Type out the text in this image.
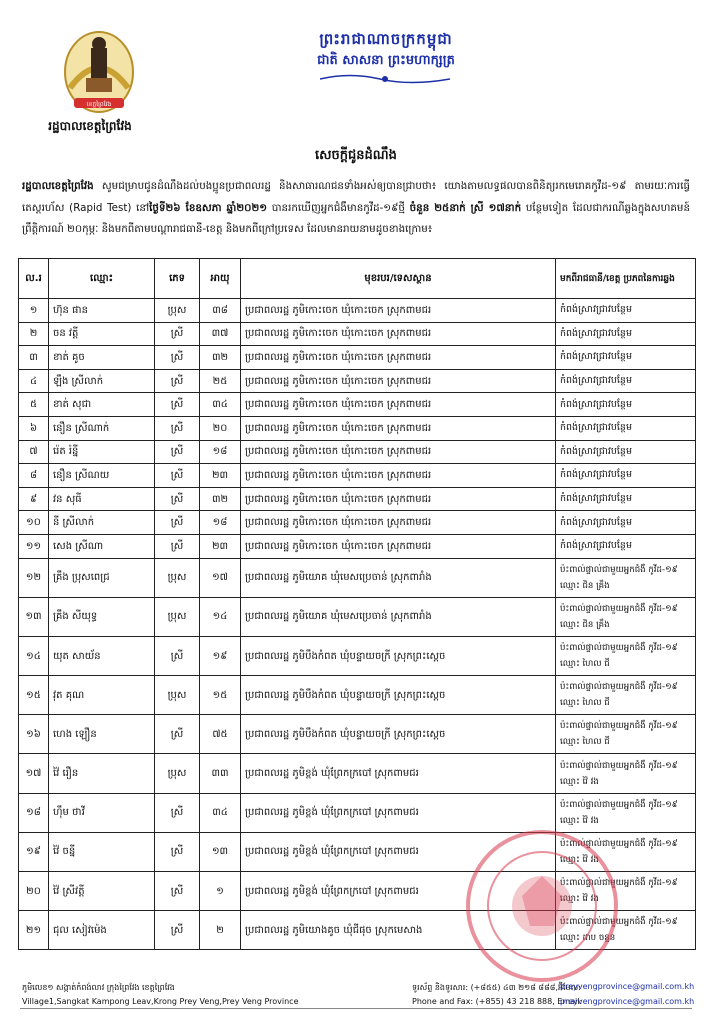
ខេត្តព្រៃវែង
រដ្ឋបាលខេត្តព្រៃវែង
ព្រះរាជាណាចក្រកម្ពុជា
ជាតិ សាសនា ព្រះមហាក្សត្រ
សេចក្ដីជូនដំណឹង
រដ្ឋបាលខេត្តព្រៃវែង សូមជម្រាបជូនដំណឹងដល់បងប្អូនប្រជាពលរដ្ឋ និងសាធារណជនទាំងអស់ឲ្យបានជ្រាបថា៖ យោងតាមលទ្ធផលបានពិនិត្យរកមេរោគកូវីដ-១៩ តាមរយៈការធ្វើតេស្តរហ័ស (Rapid Test) នៅថ្ងៃទី២៦ ខែឧសភា ឆ្នាំ២០២១ បានរកឃើញអ្នកជំងឺមានកូវីដ-១៩ថ្មី ចំនួន ២៥នាក់ ស្រី ១៧នាក់ បន្ថែមទៀត ដែលជាករណីឆ្លងក្នុងសហគមន៍ ព្រឹត្តិការណ៍ ២០កុម្ភៈ និងមកពីតាមបណ្ដារាជធានី-ខេត្ត និងមកពីក្រៅប្រទេស ដែលមានរាយនាមដូចខាងក្រោម៖
ល.រ	ឈ្មោះ	ភេទ	អាយុ	មុខរបរ/ទេសស្ថាន	មកពីរាជធានី/ខេត្ត ប្រភពនៃការឆ្លង
១	ហ៊ុន ផាន	ប្រុស	៣៨	ប្រជាពលរដ្ឋ ភូមិកោះចេក ឃុំកោះចេក ស្រុកពាមជរ	កំពង់ស្រាវជ្រាវបន្ថែម
២	ចន វត្តី	ស្រី	៣៧	ប្រជាពលរដ្ឋ ភូមិកោះចេក ឃុំកោះចេក ស្រុកពាមជរ	កំពង់ស្រាវជ្រាវបន្ថែម
៣	ខាត់ គូច	ស្រី	៣២	ប្រជាពលរដ្ឋ ភូមិកោះចេក ឃុំកោះចេក ស្រុកពាមជរ	កំពង់ស្រាវជ្រាវបន្ថែម
៤	ឡឹង ស្រីលាក់	ស្រី	២៥	ប្រជាពលរដ្ឋ ភូមិកោះចេក ឃុំកោះចេក ស្រុកពាមជរ	កំពង់ស្រាវជ្រាវបន្ថែម
៥	ខាត់ សុជា	ស្រី	៣៤	ប្រជាពលរដ្ឋ ភូមិកោះចេក ឃុំកោះចេក ស្រុកពាមជរ	កំពង់ស្រាវជ្រាវបន្ថែម
៦	នឿន ស្រីណាក់	ស្រី	២០	ប្រជាពលរដ្ឋ ភូមិកោះចេក ឃុំកោះចេក ស្រុកពាមជរ	កំពង់ស្រាវជ្រាវបន្ថែម
៧	រ៉េត រ៉ន្នី	ស្រី	១៨	ប្រជាពលរដ្ឋ ភូមិកោះចេក ឃុំកោះចេក ស្រុកពាមជរ	កំពង់ស្រាវជ្រាវបន្ថែម
៨	នឿន ស្រីណយ	ស្រី	២៣	ប្រជាពលរដ្ឋ ភូមិកោះចេក ឃុំកោះចេក ស្រុកពាមជរ	កំពង់ស្រាវជ្រាវបន្ថែម
៩	វន សុធី	ស្រី	៣២	ប្រជាពលរដ្ឋ ភូមិកោះចេក ឃុំកោះចេក ស្រុកពាមជរ	កំពង់ស្រាវជ្រាវបន្ថែម
១០	នី ស្រីលាក់	ស្រី	១៨	ប្រជាពលរដ្ឋ ភូមិកោះចេក ឃុំកោះចេក ស្រុកពាមជរ	កំពង់ស្រាវជ្រាវបន្ថែម
១១	សេង ស្រីណា	ស្រី	២៣	ប្រជាពលរដ្ឋ ភូមិកោះចេក ឃុំកោះចេក ស្រុកពាមជរ	កំពង់ស្រាវជ្រាវបន្ថែម
១២	គ្រឹង ប្រុសពេជ្រ	ប្រុស	១៧	ប្រជាពលរដ្ឋ ភូមិយោគ ឃុំមេសប្រេចាន់ ស្រុកពារាំង	ប៉ះពាល់ផ្ទាល់ជាមួយអ្នកជំងឺ កូវីដ-១៩ ឈ្មោះ ជិន គ្រឹង
១៣	គ្រឹង សីយុទ្ធ	ប្រុស	១៤	ប្រជាពលរដ្ឋ ភូមិយោគ ឃុំមេសប្រេចាន់ ស្រុកពារាំង	ប៉ះពាល់ផ្ទាល់ជាមួយអ្នកជំងឺ កូវីដ-១៩ ឈ្មោះ ជិន គ្រឹង
១៤	យុត សាយ័ន	ស្រី	១៩	ប្រជាពលរដ្ឋ ភូមិបឹងកំពត ឃុំបន្ទាយចក្រី ស្រុកព្រះស្ដេច	ប៉ះពាល់ផ្ទាល់ជាមួយអ្នកជំងឺ កូវីដ-១៩ ឈ្មោះ ហៃល ជី
១៥	វុត គុណ	ប្រុស	១៥	ប្រជាពលរដ្ឋ ភូមិបឹងកំពត ឃុំបន្ទាយចក្រី ស្រុកព្រះស្ដេច	ប៉ះពាល់ផ្ទាល់ជាមួយអ្នកជំងឺ កូវីដ-១៩ ឈ្មោះ ហៃល ជី
១៦	ហេង ឡឿន	ស្រី	៧៥	ប្រជាពលរដ្ឋ ភូមិបឹងកំពត ឃុំបន្ទាយចក្រី ស្រុកព្រះស្ដេច	ប៉ះពាល់ផ្ទាល់ជាមួយអ្នកជំងឺ កូវីដ-១៩ ឈ្មោះ ហៃល ជី
១៧	វ៉ៃ រឿន	ប្រុស	៣៣	ប្រជាពលរដ្ឋ ភូមិខ្ពង់ ឃុំព្រែកក្របៅ ស្រុកពាមជរ	ប៉ះពាល់ផ្ទាល់ជាមួយអ្នកជំងឺ កូវីដ-១៩ ឈ្មោះ វ៉ៃ វង
១៨	ហ៊ឹម ថាវី	ស្រី	៣៤	ប្រជាពលរដ្ឋ ភូមិខ្ពង់ ឃុំព្រែកក្របៅ ស្រុកពាមជរ	ប៉ះពាល់ផ្ទាល់ជាមួយអ្នកជំងឺ កូវីដ-១៩ ឈ្មោះ វ៉ៃ វង
១៩	វ៉ៃ ចន្នី	ស្រី	១៣	ប្រជាពលរដ្ឋ ភូមិខ្ពង់ ឃុំព្រែកក្របៅ ស្រុកពាមជរ	ប៉ះពាល់ផ្ទាល់ជាមួយអ្នកជំងឺ កូវីដ-១៩ ឈ្មោះ វ៉ៃ វង
២០	វ៉ៃ ស្រីវត្តី	ស្រី	១	ប្រជាពលរដ្ឋ ភូមិខ្ពង់ ឃុំព្រែកក្របៅ ស្រុកពាមជរ	ប៉ះពាល់ផ្ទាល់ជាមួយអ្នកជំងឺ កូវីដ-១៩ ឈ្មោះ វ៉ៃ វង
២១	ជុល សៀវម៉េង	ស្រី	២	ប្រជាពលរដ្ឋ ភូមិយោងគូច ឃុំជីផុច ស្រុកមេសាង	ប៉ះពាល់ផ្ទាល់ជាមួយអ្នកជំងឺ កូវីដ-១៩ ឈ្មោះ ដាប ចន្ទន
ភូមិលេខ១ សង្កាត់កំពង់លាវ ក្រុងព្រៃវែង ខេត្តព្រៃវែង
Village1,Sangkat Kampong Leav,Krong Prey Veng,Prey Veng Province
ទូរស័ព្ទ និងទូរសារ: (+៨៥៥) ៤៣ ២១៨ ៨៨៨,អ៊ីមែល:
Phone and Fax: (+855) 43 218 888, Email:
preyvengprovince@gmail.com.kh
preyvengprovince@gmail.com.kh
